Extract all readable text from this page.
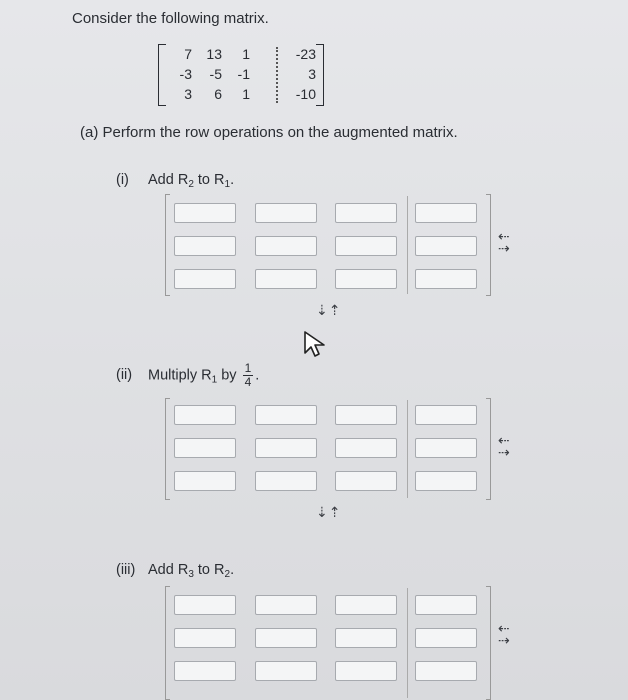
Consider the following matrix.
7	13	1	-23
-3	-5	-1	3
3	6	1	-10
(a) Perform the row operations on the augmented matrix.
(i) Add $R_2$ to $R_1$.
⇠
⇢
⇣⇡
(ii) Multiply $R_1$ by $\frac{1}{4}$ .
⇠
⇢
⇣⇡
(iii) Add $R_3$ to $R_2$.
⇠
⇢
